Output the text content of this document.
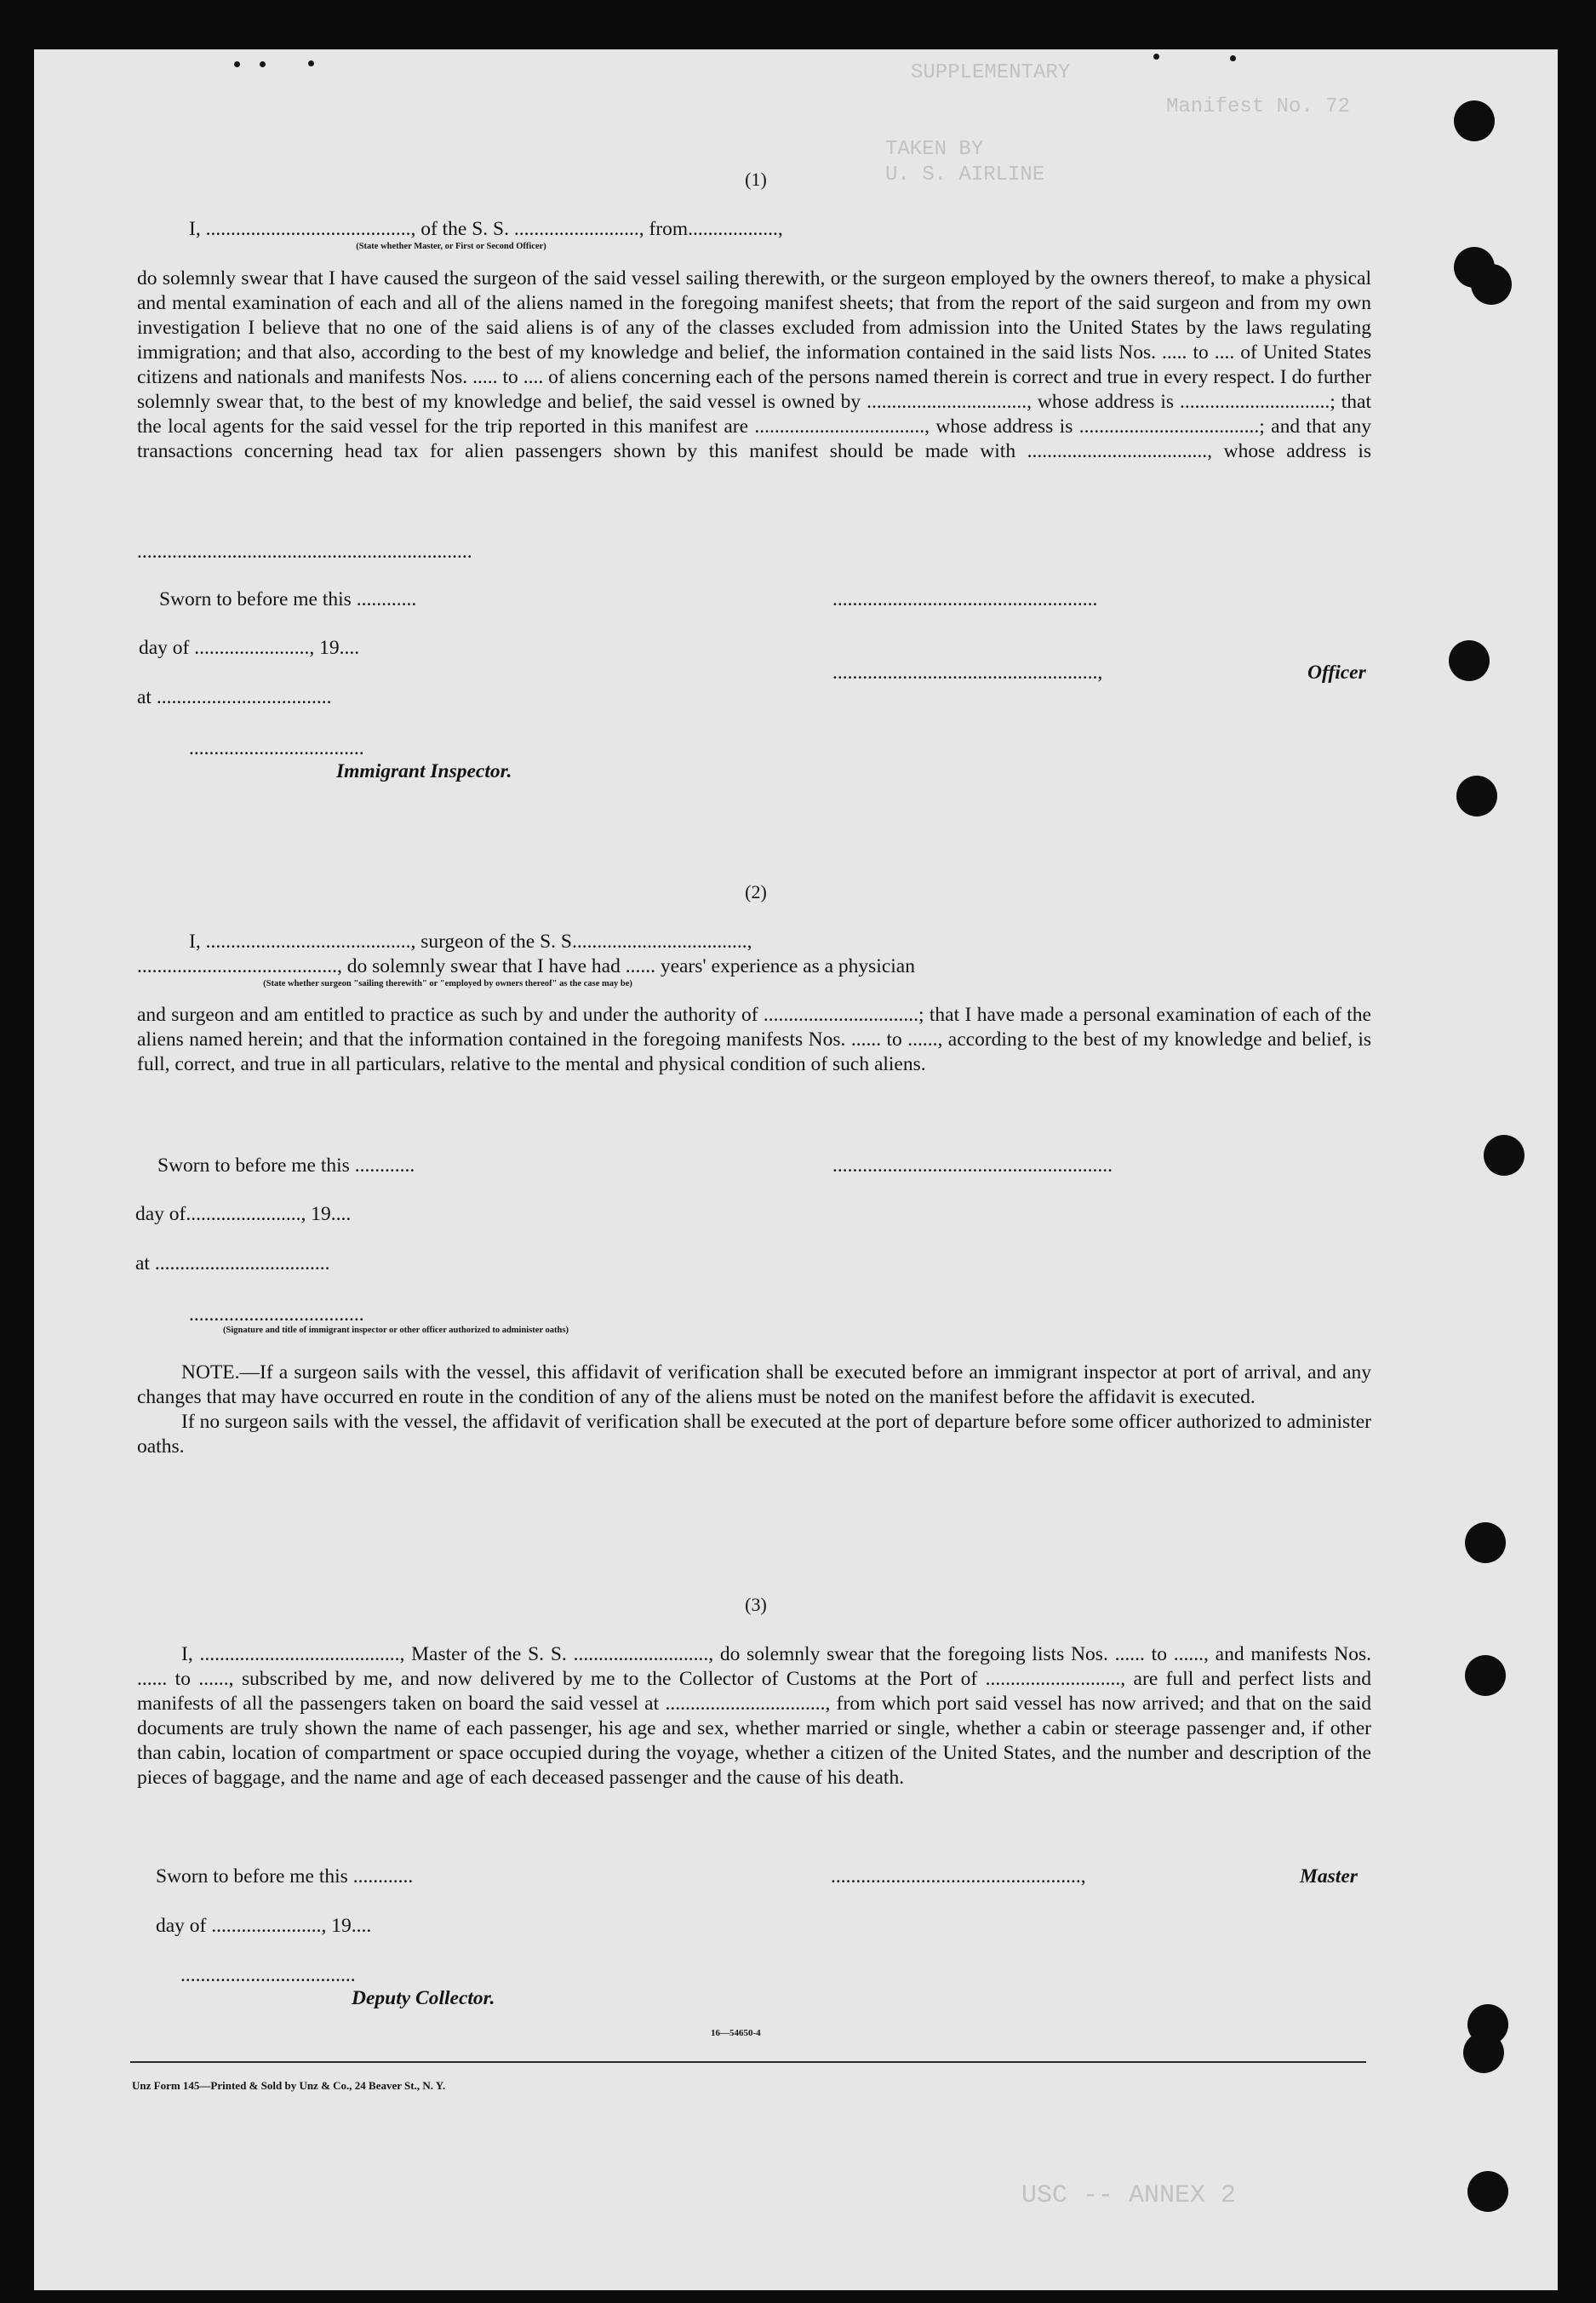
SUPPLEMENTARY
TAKEN BY
U. S. AIRLINE
Manifest No. 72
USC -- ANNEX 2
(1)
I, ........................................., of the S. S. ........................., from..................,
(State whether Master, or First or Second Officer)

do solemnly swear that I have caused the surgeon of the said vessel sailing therewith, or the surgeon employed by the owners thereof, to make a physical and mental examination of each and all of the aliens named in the foregoing manifest sheets; that from the report of the said surgeon and from my own investigation I believe that no one of the said aliens is of any of the classes excluded from admission into the United States by the laws regulating immigration; and that also, according to the best of my knowledge and belief, the information contained in the said lists Nos. ..... to .... of United States citizens and nationals and manifests Nos. ..... to .... of aliens concerning each of the persons named therein is correct and true in every respect. I do further solemnly swear that, to the best of my knowledge and belief, the said vessel is owned by ................................, whose address is ..............................; that the local agents for the said vessel for the trip reported in this manifest are .................................., whose address is ....................................; and that any transactions concerning head tax for alien passengers shown by this manifest should be made with ...................................., whose address is

...................................................................
Sworn to before me this ............	.....................................................
day of ......................., 19....
.....................................................,	Officer
at ...................................
...................................
Immigrant Inspector.
(2)
I, ........................................., surgeon of the S. S...................................,
........................................, do solemnly swear that I have had ...... years' experience as a physician
(State whether surgeon "sailing therewith" or "employed by owners thereof" as the case may be)

and surgeon and am entitled to practice as such by and under the authority of ...............................; that I have made a personal examination of each of the aliens named herein; and that the information contained in the foregoing manifests Nos. ...... to ......, according to the best of my knowledge and belief, is full, correct, and true in all particulars, relative to the mental and physical condition of such aliens.

Sworn to before me this ............	........................................................
day of......................., 19....
at ...................................
...................................
(Signature and title of immigrant inspector or other officer authorized to administer oaths)

NOTE.—If a surgeon sails with the vessel, this affidavit of verification shall be executed before an immigrant inspector at port of arrival, and any changes that may have occurred en route in the condition of any of the aliens must be noted on the manifest before the affidavit is executed.

If no surgeon sails with the vessel, the affidavit of verification shall be executed at the port of departure before some officer authorized to administer oaths.

(3)

I, ........................................, Master of the S. S. ..........................., do solemnly swear that the foregoing lists Nos. ...... to ......, and manifests Nos. ...... to ......, subscribed by me, and now delivered by me to the Collector of Customs at the Port of ..........................., are full and perfect lists and manifests of all the passengers taken on board the said vessel at ................................, from which port said vessel has now arrived; and that on the said documents are truly shown the name of each passenger, his age and sex, whether married or single, whether a cabin or steerage passenger and, if other than cabin, location of compartment or space occupied during the voyage, whether a citizen of the United States, and the number and description of the pieces of baggage, and the name and age of each deceased passenger and the cause of his death.

Sworn to before me this ............	..................................................,	Master
day of ......................, 19....
...................................
Deputy Collector.
16—54650-4
Unz Form 145—Printed & Sold by Unz & Co., 24 Beaver St., N. Y.
